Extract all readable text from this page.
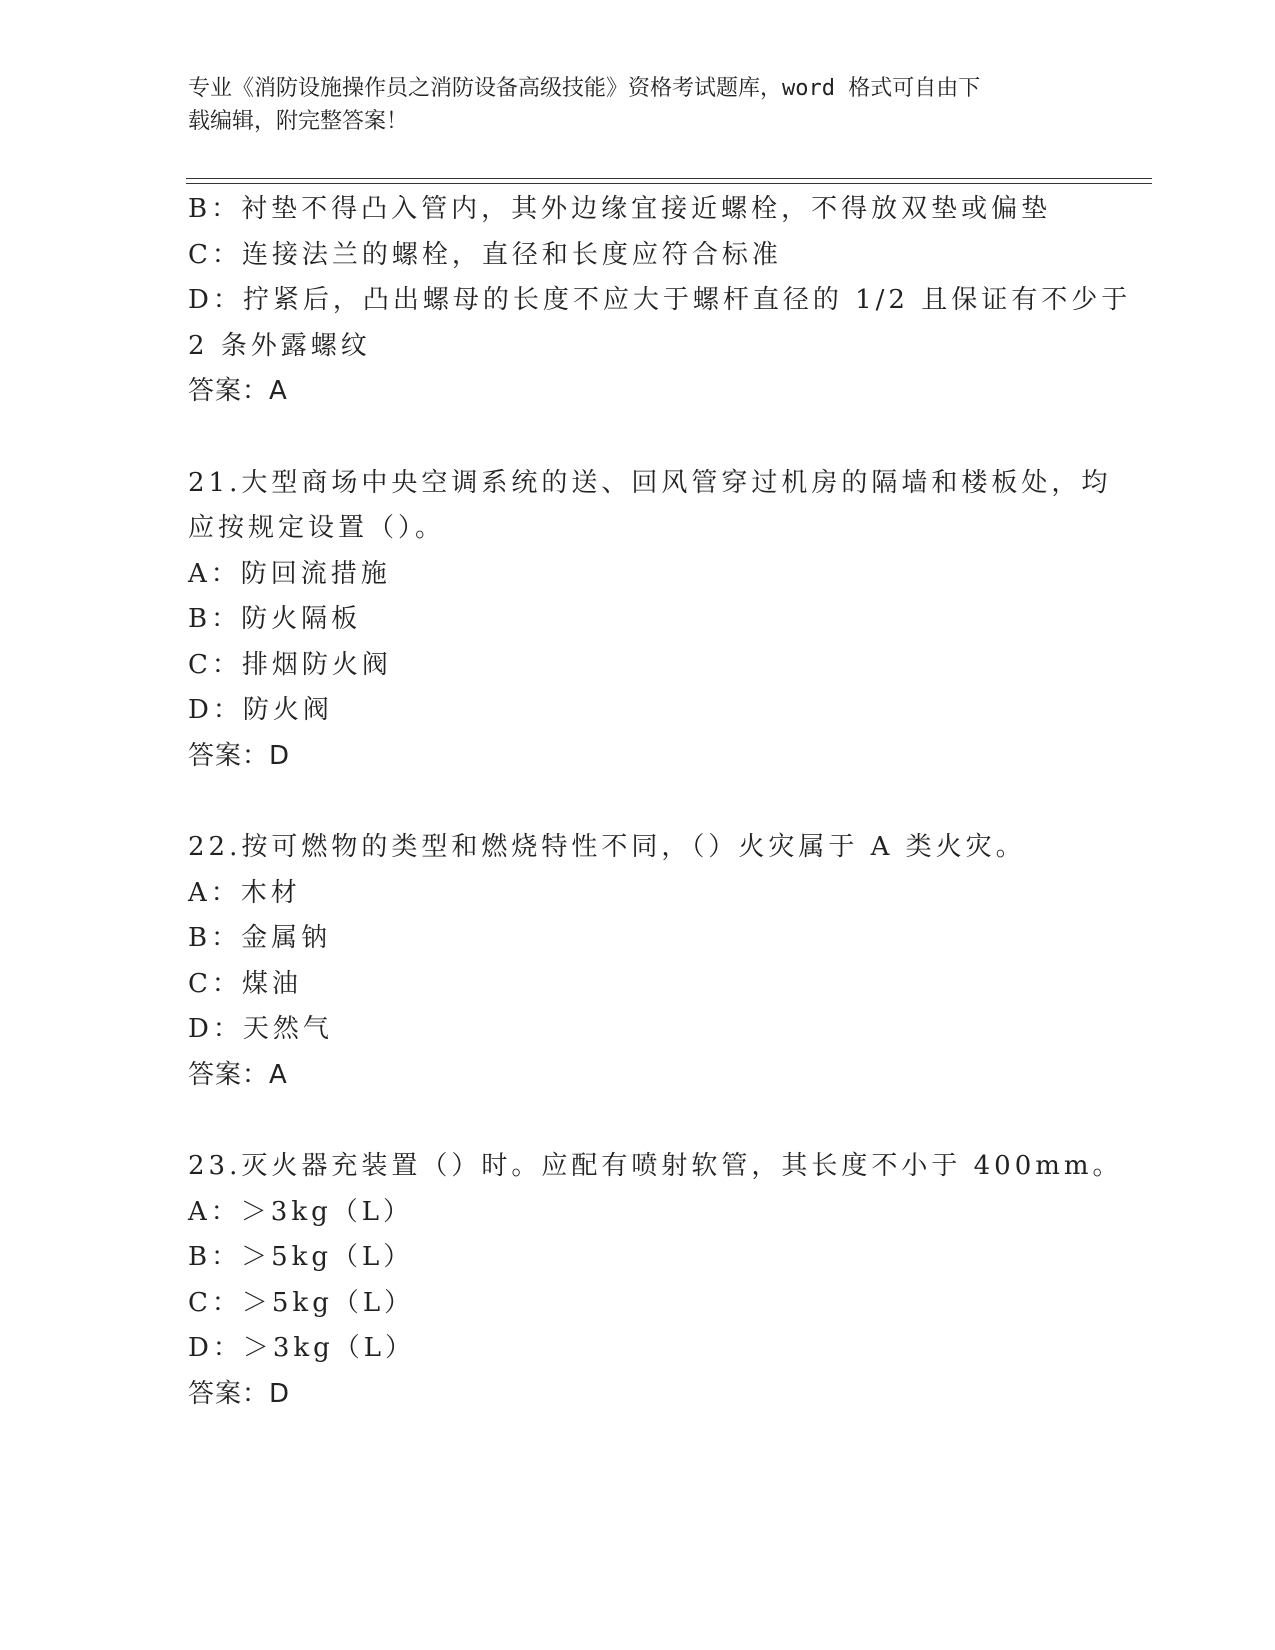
专业《消防设施操作员之消防设备高级技能》资格考试题库，word 格式可自由下
载编辑，附完整答案！
B：衬垫不得凸入管内，其外边缘宜接近螺栓，不得放双垫或偏垫
C：连接法兰的螺栓，直径和长度应符合标准
D：拧紧后，凸出螺母的长度不应大于螺杆直径的 1/2 且保证有不少于
2 条外露螺纹
答案：A
21.大型商场中央空调系统的送、回风管穿过机房的隔墙和楼板处，均
应按规定设置（）。
A：防回流措施
B：防火隔板
C：排烟防火阀
D：防火阀
答案：D
22.按可燃物的类型和燃烧特性不同，（）火灾属于 A 类火灾。
A：木材
B：金属钠
C：煤油
D：天然气
答案：A
23.灭火器充装置（）时。应配有喷射软管，其长度不小于 400mm。
A：＞3kg（L）
B：＞5kg（L）
C：＞5kg（L）
D：＞3kg（L）
答案：D
